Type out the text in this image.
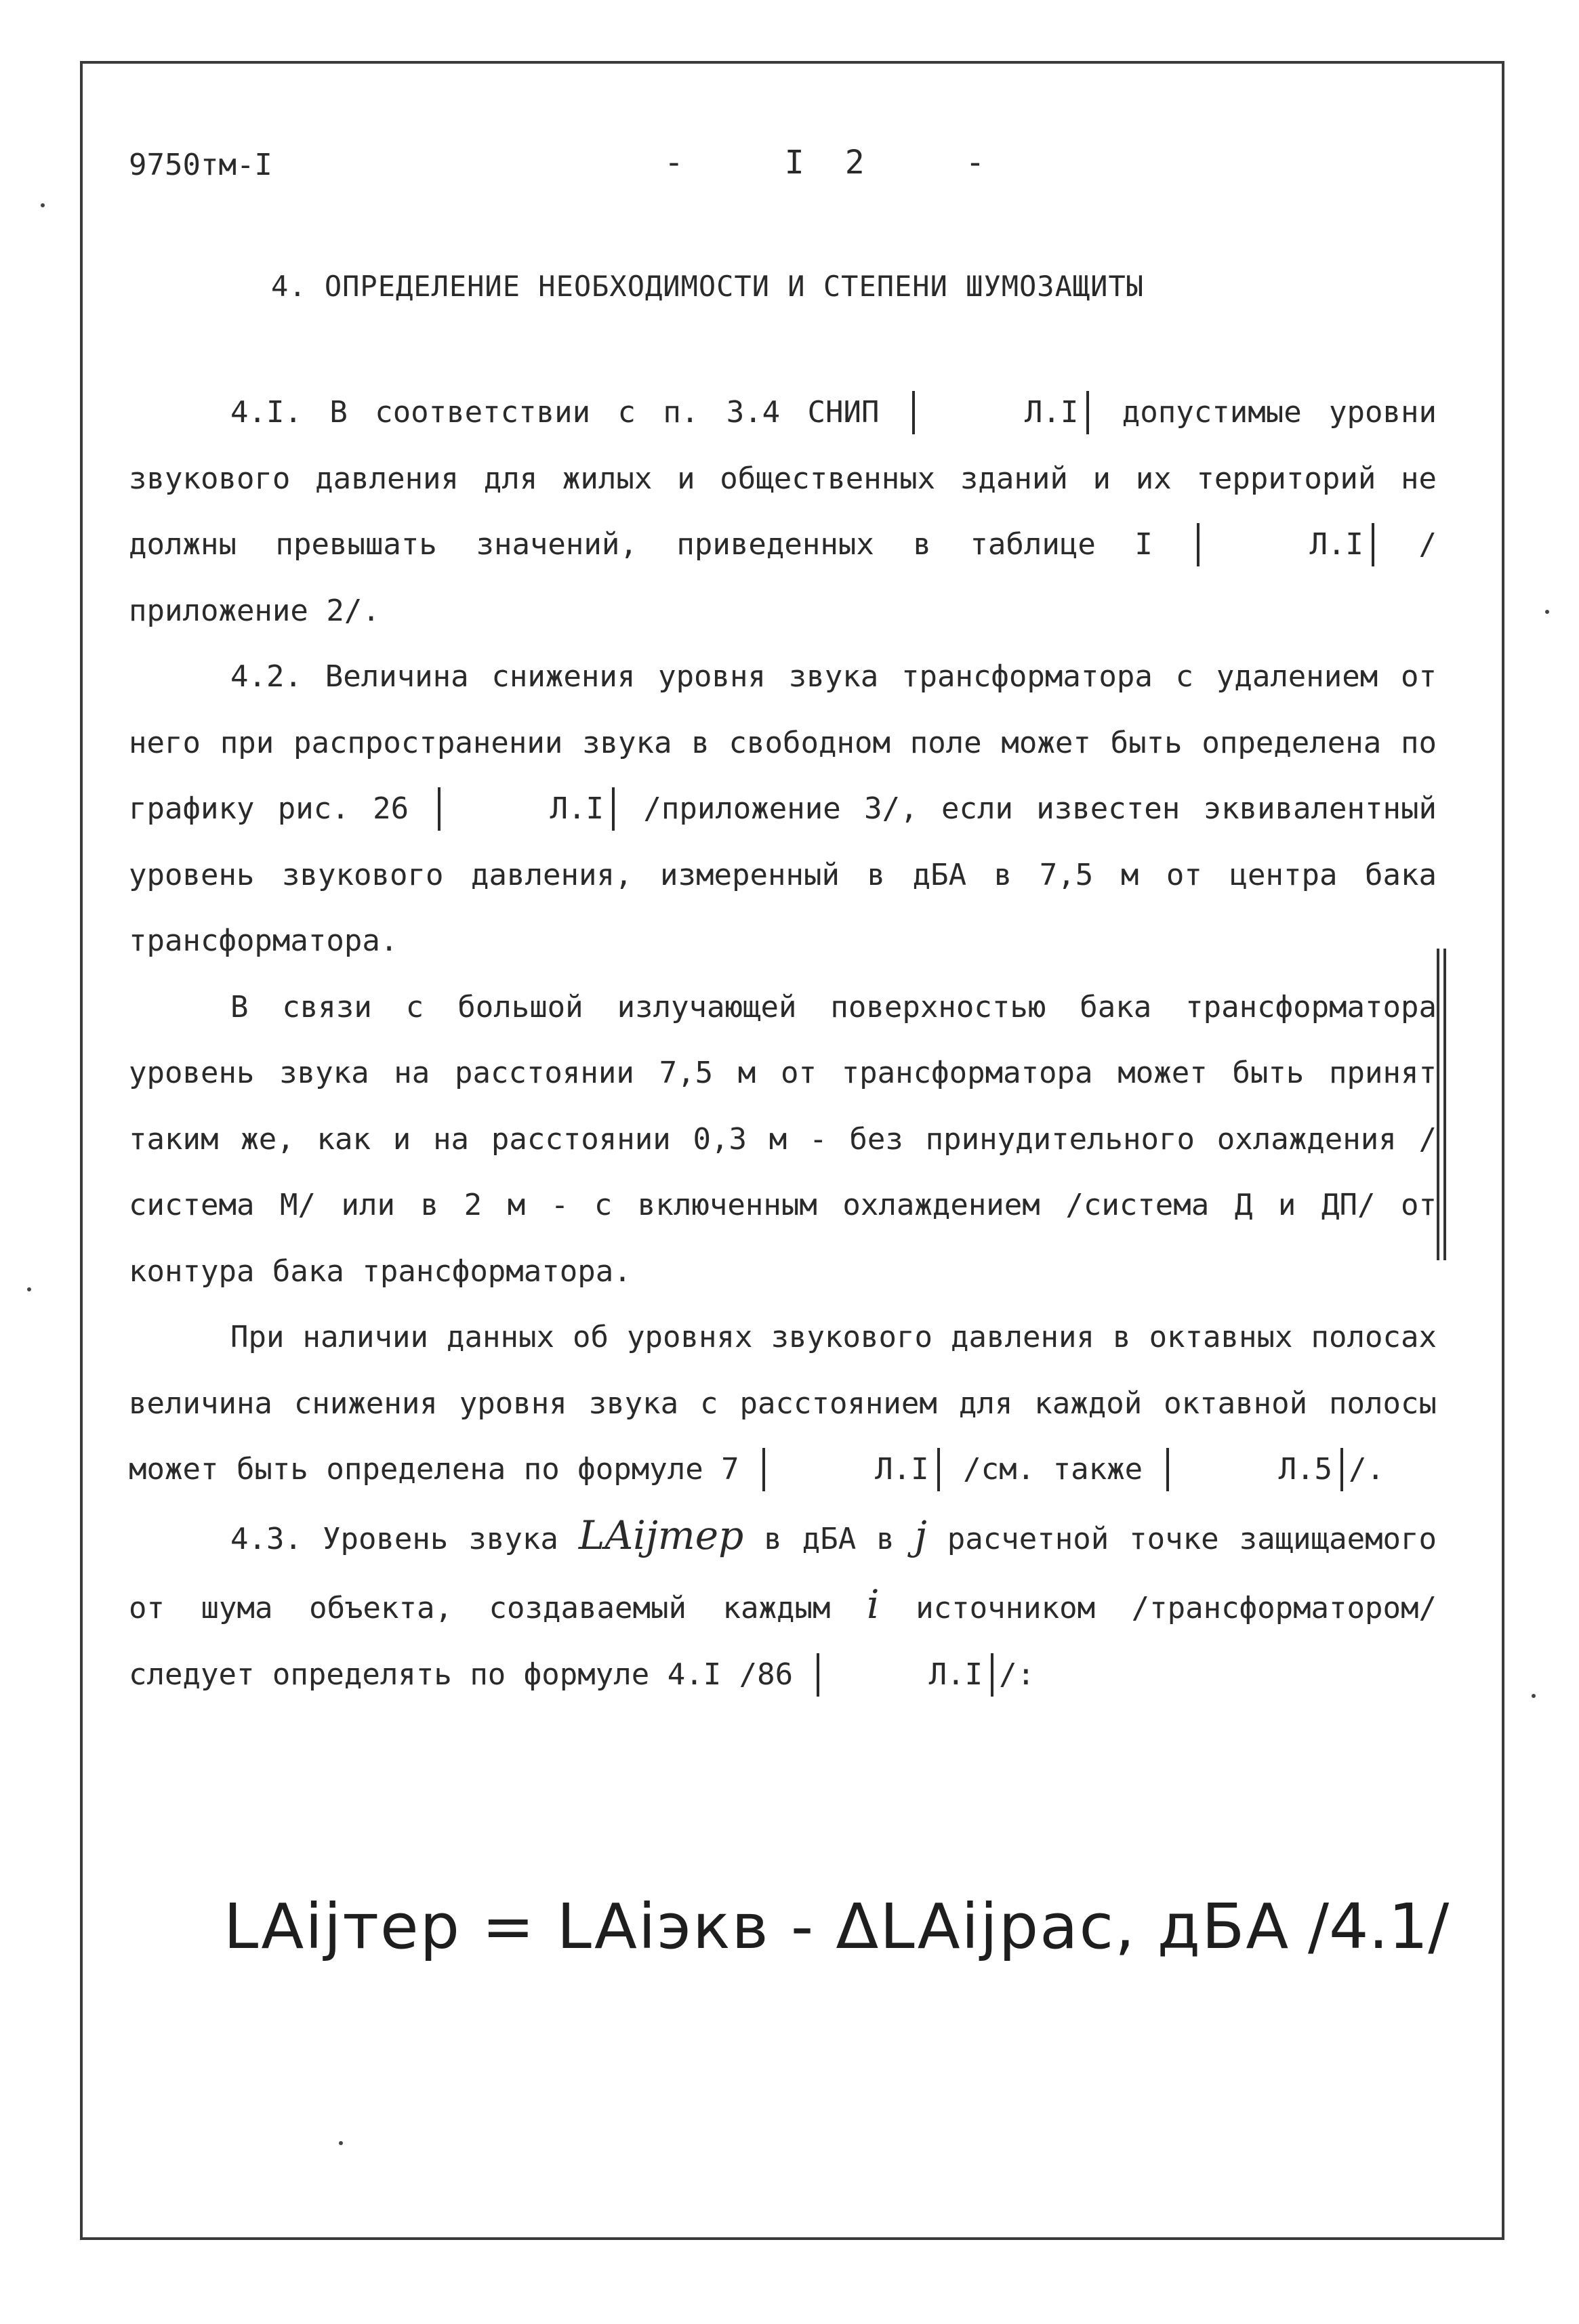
9750тм-I	- I2 -
4. ОПРЕДЕЛЕНИЕ НЕОБХОДИМОСТИ И СТЕПЕНИ ШУМОЗАЩИТЫ

4.I. В соответствии с п. 3.4 СНИП	Л.I допустимые уровни звукового давления для жилых и общественных зданий и их территорий не должны превышать значений, приведенных в таблице I	Л.I /приложение 2/.

4.2. Величина снижения уровня звука трансформатора с удалением от него при распространении звука в свободном поле может быть определена по графику рис. 26	Л.I /приложение 3/, если известен эквивалентный уровень звукового давления, измеренный в дБА в 7,5 м от центра бака трансформатора.

В связи с большой излучающей поверхностью бака трансформатора уровень звука на расстоянии 7,5 м от трансформатора может быть принят таким же, как и на расстоянии 0,3 м - без принудительного охлаждения /система М/ или в 2 м - с включенным охлаждением /система Д и ДП/ от контура бака трансформатора.

При наличии данных об уровнях звукового давления в октавных полосах величина снижения уровня звука с расстоянием для каждой октавной полосы может быть определена по формуле 7	Л.I /см. также	Л.5 /.

4.3. Уровень звука LAijтер в дБА в j расчетной точке защищаемого от шума объекта, создаваемый каждым i источником /трансформатором/ следует определять по формуле 4.I /86	Л.I /:

LAijтер = LAiэкв - ΔLAijрас, дБА /4.1/
